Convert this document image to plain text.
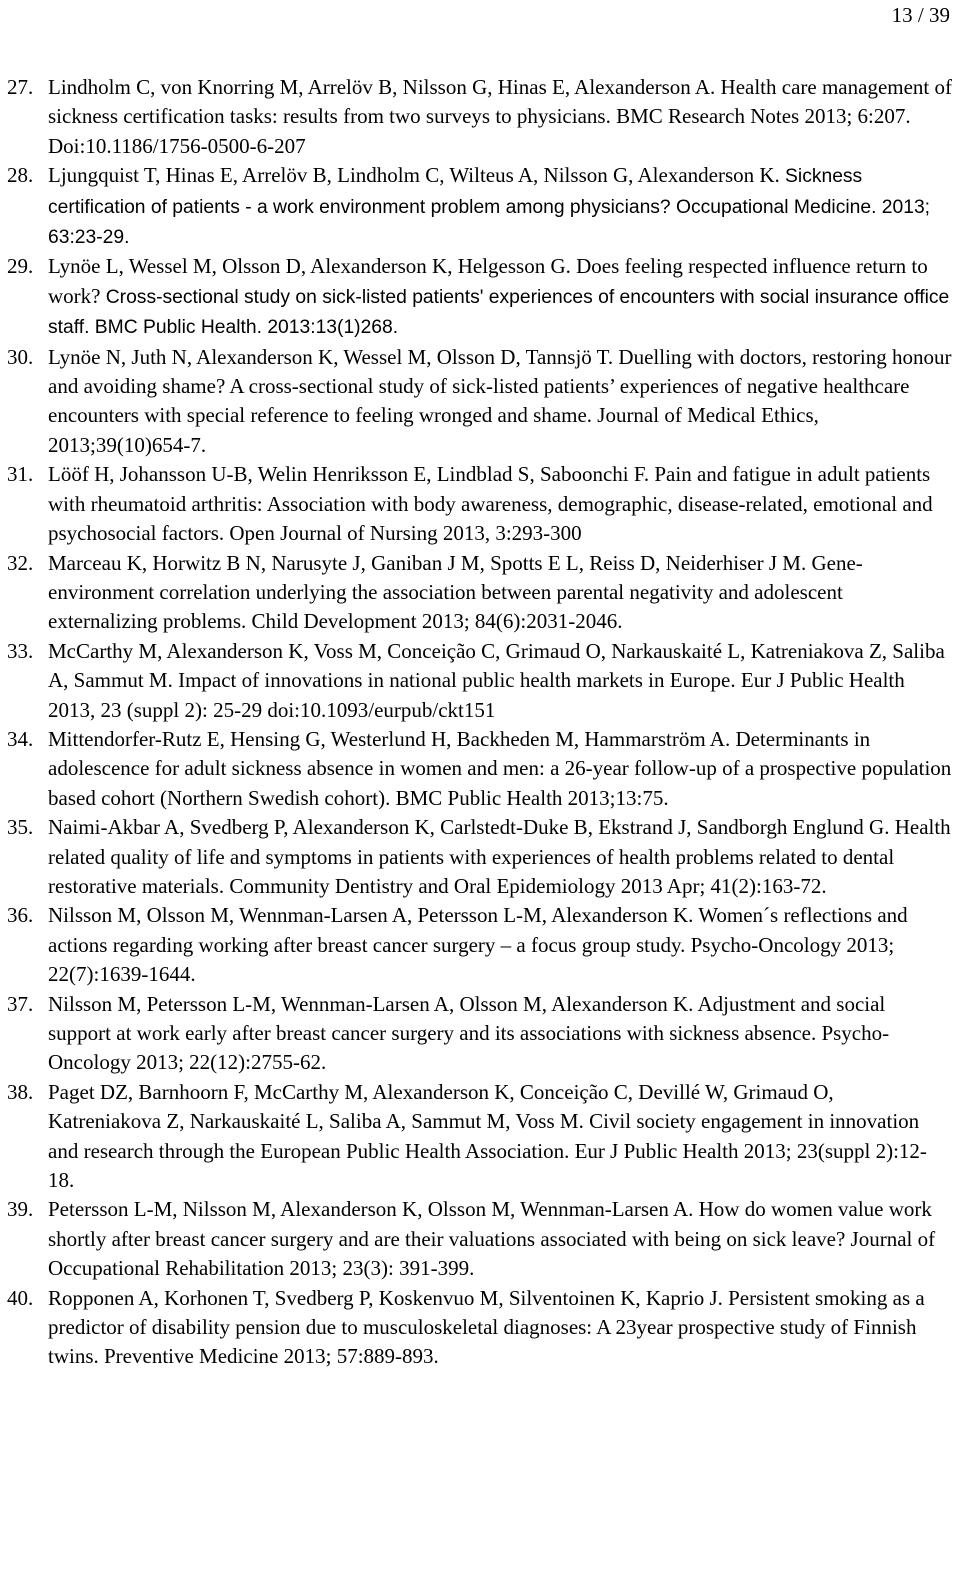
13 / 39
27. Lindholm C, von Knorring M, Arrelöv B, Nilsson G, Hinas E, Alexanderson A. Health care management of sickness certification tasks: results from two surveys to physicians. BMC Research Notes 2013; 6:207. Doi:10.1186/1756-0500-6-207
28. Ljungquist T, Hinas E, Arrelöv B, Lindholm C, Wilteus A, Nilsson G, Alexanderson K. Sickness certification of patients - a work environment problem among physicians? Occupational Medicine. 2013; 63:23-29.
29. Lynöe L, Wessel M, Olsson D, Alexanderson K, Helgesson G. Does feeling respected influence return to work? Cross-sectional study on sick-listed patients' experiences of encounters with social insurance office staff. BMC Public Health. 2013:13(1)268.
30. Lynöe N, Juth N, Alexanderson K, Wessel M, Olsson D, Tannsjö T. Duelling with doctors, restoring honour and avoiding shame? A cross-sectional study of sick-listed patients’ experiences of negative healthcare encounters with special reference to feeling wronged and shame. Journal of Medical Ethics, 2013;39(10)654-7.
31. Lööf H, Johansson U-B, Welin Henriksson E, Lindblad S, Saboonchi F. Pain and fatigue in adult patients with rheumatoid arthritis: Association with body awareness, demographic, disease-related, emotional and psychosocial factors. Open Journal of Nursing 2013, 3:293-300
32. Marceau K, Horwitz B N, Narusyte J, Ganiban J M, Spotts E L, Reiss D, Neiderhiser J M. Gene-environment correlation underlying the association between parental negativity and adolescent externalizing problems. Child Development 2013; 84(6):2031-2046.
33. McCarthy M, Alexanderson K, Voss M, Conceição C, Grimaud O, Narkauskaité L, Katreniakova Z, Saliba A, Sammut M. Impact of innovations in national public health markets in Europe. Eur J Public Health 2013, 23 (suppl 2): 25-29 doi:10.1093/eurpub/ckt151
34. Mittendorfer-Rutz E, Hensing G, Westerlund H, Backheden M, Hammarström A. Determinants in adolescence for adult sickness absence in women and men: a 26-year follow-up of a prospective population based cohort (Northern Swedish cohort). BMC Public Health 2013;13:75.
35. Naimi-Akbar A, Svedberg P, Alexanderson K, Carlstedt-Duke B, Ekstrand J, Sandborgh Englund G. Health related quality of life and symptoms in patients with experiences of health problems related to dental restorative materials. Community Dentistry and Oral Epidemiology 2013 Apr; 41(2):163-72.
36. Nilsson M, Olsson M, Wennman-Larsen A, Petersson L-M, Alexanderson K. Women´s reflections and actions regarding working after breast cancer surgery – a focus group study. Psycho-Oncology 2013; 22(7):1639-1644.
37. Nilsson M, Petersson L-M, Wennman-Larsen A, Olsson M, Alexanderson K. Adjustment and social support at work early after breast cancer surgery and its associations with sickness absence. Psycho-Oncology 2013; 22(12):2755-62.
38. Paget DZ, Barnhoorn F, McCarthy M, Alexanderson K, Conceição C, Devillé W, Grimaud O, Katreniakova Z, Narkauskaité L, Saliba A, Sammut M, Voss M. Civil society engagement in innovation and research through the European Public Health Association. Eur J Public Health 2013; 23(suppl 2):12-18.
39. Petersson L-M, Nilsson M, Alexanderson K, Olsson M, Wennman-Larsen A. How do women value work shortly after breast cancer surgery and are their valuations associated with being on sick leave? Journal of Occupational Rehabilitation 2013; 23(3): 391-399.
40. Ropponen A, Korhonen T, Svedberg P, Koskenvuo M, Silventoinen K, Kaprio J. Persistent smoking as a predictor of disability pension due to musculoskeletal diagnoses: A 23year prospective study of Finnish twins. Preventive Medicine 2013; 57:889-893.
